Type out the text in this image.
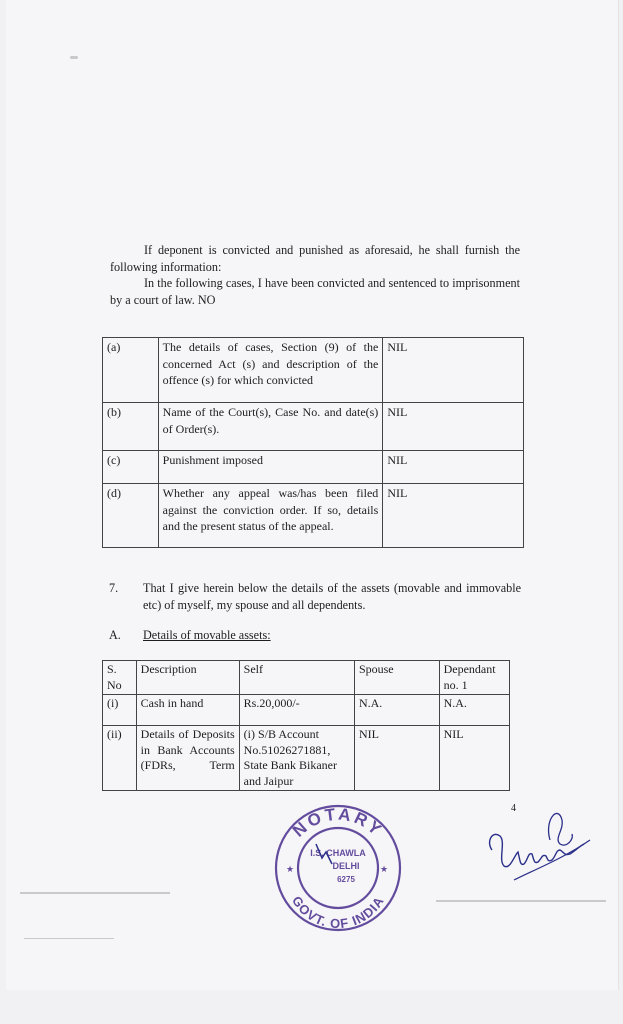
If deponent is convicted and punished as aforesaid, he shall furnish the following information:
In the following cases, I have been convicted and sentenced to imprisonment by a court of law. NO
(a)	The details of cases, Section (9) of the concerned Act (s) and description of the offence (s) for which convicted	NIL
(b)	Name of the Court(s), Case No. and date(s) of Order(s).	NIL
(c)	Punishment imposed	NIL
(d)	Whether any appeal was/has been filed against the conviction order. If so, details and the present status of the appeal.	NIL
7. That I give herein below the details of the assets (movable and immovable etc) of myself, my spouse and all dependents.
A. Details of movable assets:
S. No	Description	Self	Spouse	Dependant no. 1
(i)	Cash in hand	Rs.20,000/-	N.A.	N.A.
(ii)	Details of Deposits in Bank Accounts (FDRs, Term	(i) S/B Account No.51026271881, State Bank Bikaner and Jaipur	NIL	NIL
4
NOTARY
GOVT. OF INDIA
I.S. CHAWLA
DELHI
6275
★	★
